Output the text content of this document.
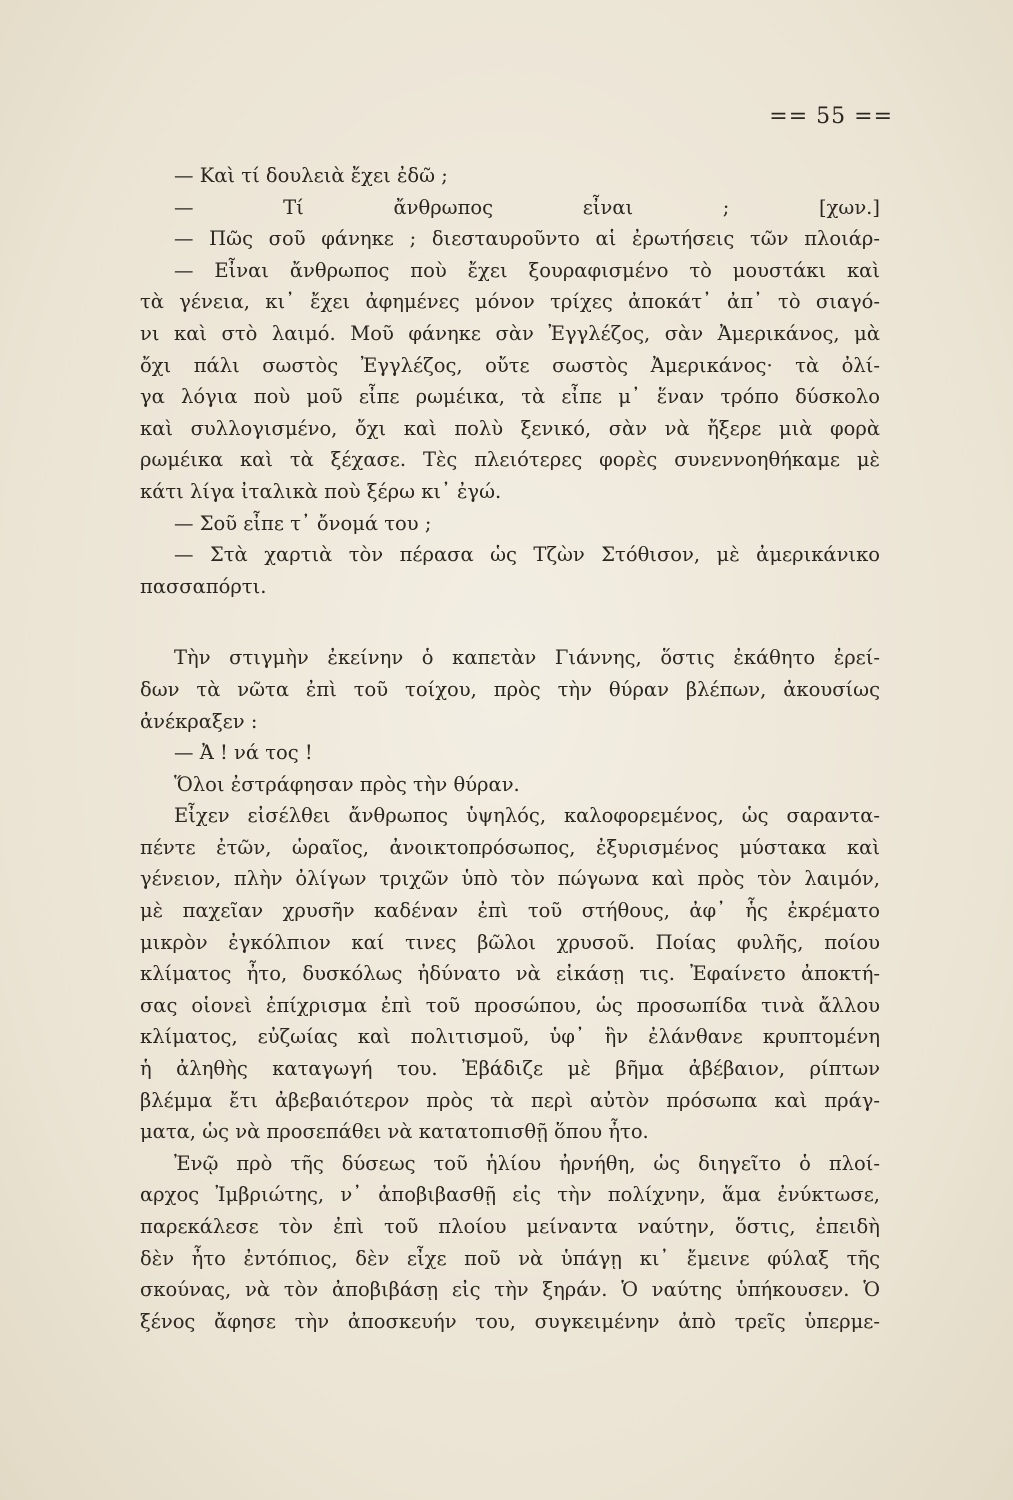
== 55 ==
— Καὶ τί δουλειὰ ἔχει ἐδῶ ;
— Τί ἄνθρωπος εἶναι ; [χων.]
— Πῶς σοῦ φάνηκε ; διεσταυροῦντο αἱ ἐρωτήσεις τῶν πλοιάρ-
— Εἶναι ἄνθρωπος ποὺ ἔχει ξουραφισμένο τὸ μουστάκι καὶ
τὰ γένεια, κι᾿ ἔχει ἀφημένες μόνον τρίχες ἀποκάτ᾿ ἀπ᾿ τὸ σιαγό-
νι καὶ στὸ λαιμό. Μοῦ φάνηκε σὰν Ἐγγλέζος, σὰν Ἀμερικάνος, μὰ
ὄχι πάλι σωστὸς Ἐγγλέζος, οὔτε σωστὸς Ἀμερικάνος· τὰ ὀλί-
γα λόγια ποὺ μοῦ εἶπε ρωμέικα, τὰ εἶπε μ᾿ ἕναν τρόπο δύσκολο
καὶ συλλογισμένο, ὄχι καὶ πολὺ ξενικό, σὰν νὰ ἤξερε μιὰ φορὰ
ρωμέικα καὶ τὰ ξέχασε. Τὲς πλειότερες φορὲς συνεννοηθήκαμε μὲ
κάτι λίγα ἰταλικὰ ποὺ ξέρω κι᾿ ἐγώ.
— Σοῦ εἶπε τ᾿ ὄνομά του ;
— Στὰ χαρτιὰ τὸν πέρασα ὡς Τζὼν Στόθισον, μὲ ἀμερικάνικο
πασσαπόρτι.
Τὴν στιγμὴν ἐκείνην ὁ καπετὰν Γιάννης, ὅστις ἐκάθητο ἐρεί-
δων τὰ νῶτα ἐπὶ τοῦ τοίχου, πρὸς τὴν θύραν βλέπων, ἀκουσίως
ἀνέκραξεν :
— Ἀ ! νά τος !
Ὅλοι ἐστράφησαν πρὸς τὴν θύραν.
Εἶχεν εἰσέλθει ἄνθρωπος ὑψηλός, καλοφορεμένος, ὡς σαραντα-
πέντε ἐτῶν, ὡραῖος, ἀνοικτοπρόσωπος, ἐξυρισμένος μύστακα καὶ
γένειον, πλὴν ὀλίγων τριχῶν ὑπὸ τὸν πώγωνα καὶ πρὸς τὸν λαιμόν,
μὲ παχεῖαν χρυσῆν καδέναν ἐπὶ τοῦ στήθους, ἀφ᾿ ἧς ἐκρέματο
μικρὸν ἐγκόλπιον καί τινες βῶλοι χρυσοῦ. Ποίας φυλῆς, ποίου
κλίματος ἦτο, δυσκόλως ἠδύνατο νὰ εἰκάσῃ τις. Ἐφαίνετο ἀποκτή-
σας οἱονεὶ ἐπίχρισμα ἐπὶ τοῦ προσώπου, ὡς προσωπίδα τινὰ ἄλλου
κλίματος, εὐζωίας καὶ πολιτισμοῦ, ὑφ᾿ ἣν ἐλάνθανε κρυπτομένη
ἡ ἀληθὴς καταγωγή του. Ἐβάδιζε μὲ βῆμα ἀβέβαιον, ρίπτων
βλέμμα ἔτι ἀβεβαιότερον πρὸς τὰ περὶ αὐτὸν πρόσωπα καὶ πράγ-
ματα, ὡς νὰ προσεπάθει νὰ κατατοπισθῇ ὅπου ἦτο.
Ἐνῷ πρὸ τῆς δύσεως τοῦ ἡλίου ἠρνήθη, ὡς διηγεῖτο ὁ πλοί-
αρχος Ἰμβριώτης, ν᾿ ἀποβιβασθῇ εἰς τὴν πολίχνην, ἅμα ἐνύκτωσε,
παρεκάλεσε τὸν ἐπὶ τοῦ πλοίου μείναντα ναύτην, ὅστις, ἐπειδὴ
δὲν ἦτο ἐντόπιος, δὲν εἶχε ποῦ νὰ ὑπάγῃ κι᾿ ἔμεινε φύλαξ τῆς
σκούνας, νὰ τὸν ἀποβιβάσῃ εἰς τὴν ξηράν. Ὁ ναύτης ὑπήκουσεν. Ὁ
ξένος ἄφησε τὴν ἀποσκευήν του, συγκειμένην ἀπὸ τρεῖς ὑπερμε-
